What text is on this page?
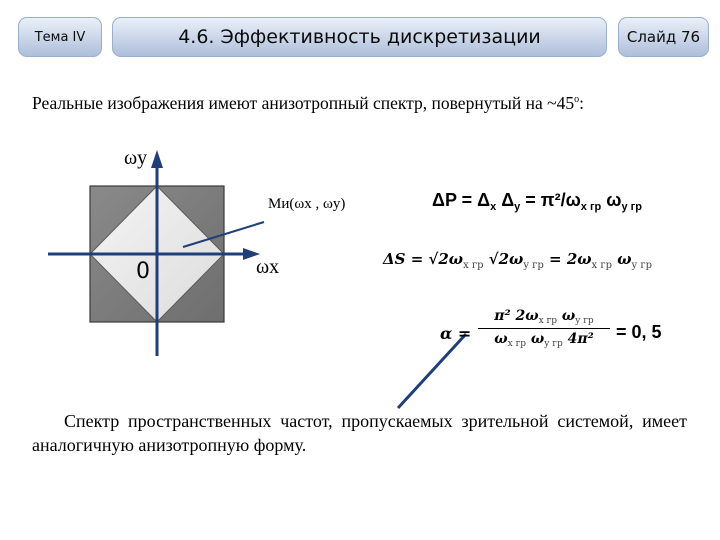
Тема IV	4.6. Эффективность дискретизации	Слайд 76
Реальные изображения имеют анизотропный спектр, повернутый на ~45$^o$:
ωy
ωx
0
Mи(ωx , ωy)	$\Delta P = \Delta_x$ $\Delta_y = \pi^2/\omega_{x гр}$ $\omega_{y гр}$
$\Delta S = √2\omega_{x гр}$ $√2\omega_{y гр} = 2\omega_{x гр}$ $\omega_{y гр}$
α =
π² $2\omega_{x гр}$ $\omega_{y гр}$
$\omega_{x гр}$ $\omega_{y гр}$ 4π²	= 0, 5
Спектр пространственных частот, пропускаемых зрительной системой, имеет аналогичную анизотропную форму.
